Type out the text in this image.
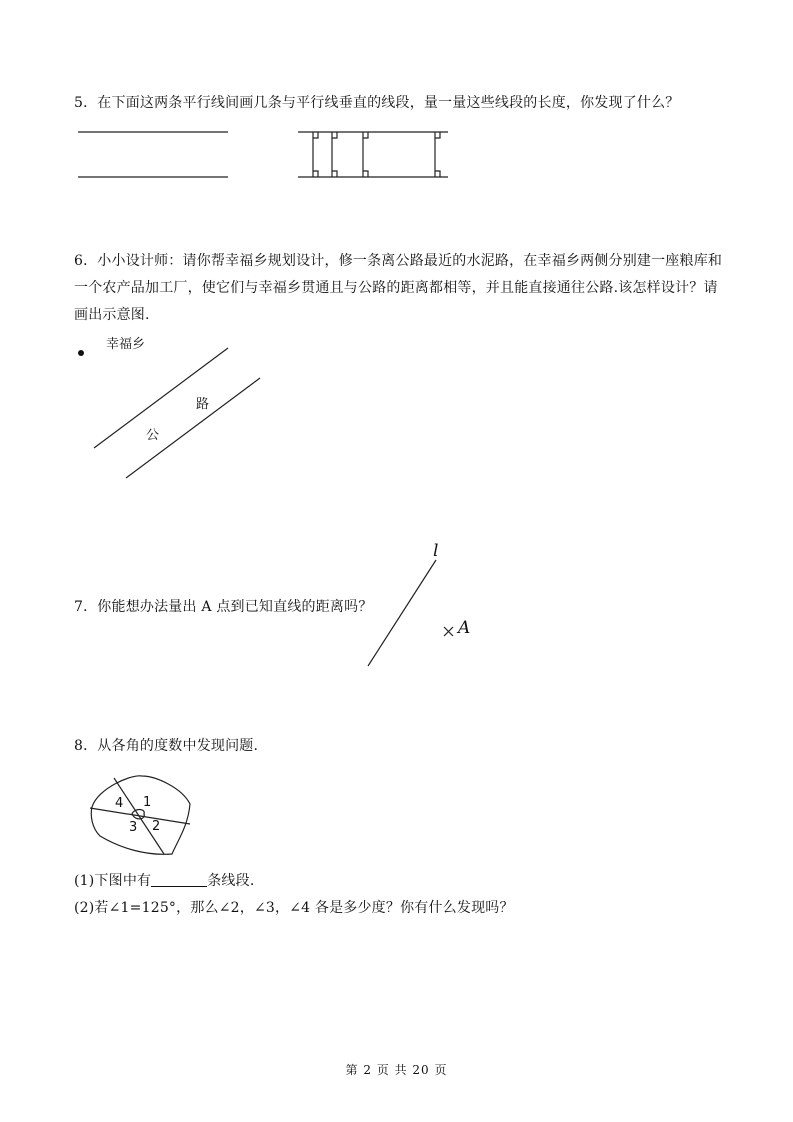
5．在下面这两条平行线间画几条与平行线垂直的线段，量一量这些线段的长度，你发现了什么？

6．小小设计师：请你帮幸福乡规划设计，修一条离公路最近的水泥路，在幸福乡两侧分别建一座粮库和一个农产品加工厂，使它们与幸福乡贯通且与公路的距离都相等，并且能直接通往公路.该怎样设计？请画出示意图.

幸福乡
公
路

7．你能想办法量出 A 点到已知直线的距离吗？

l
A

8．从各角的度数中发现问题.

4 1
3 2

(1)下图中有	条线段.

(2)若∠1=125°，那么∠2，∠3，∠4 各是多少度？你有什么发现吗？

第 2 页 共 20 页
